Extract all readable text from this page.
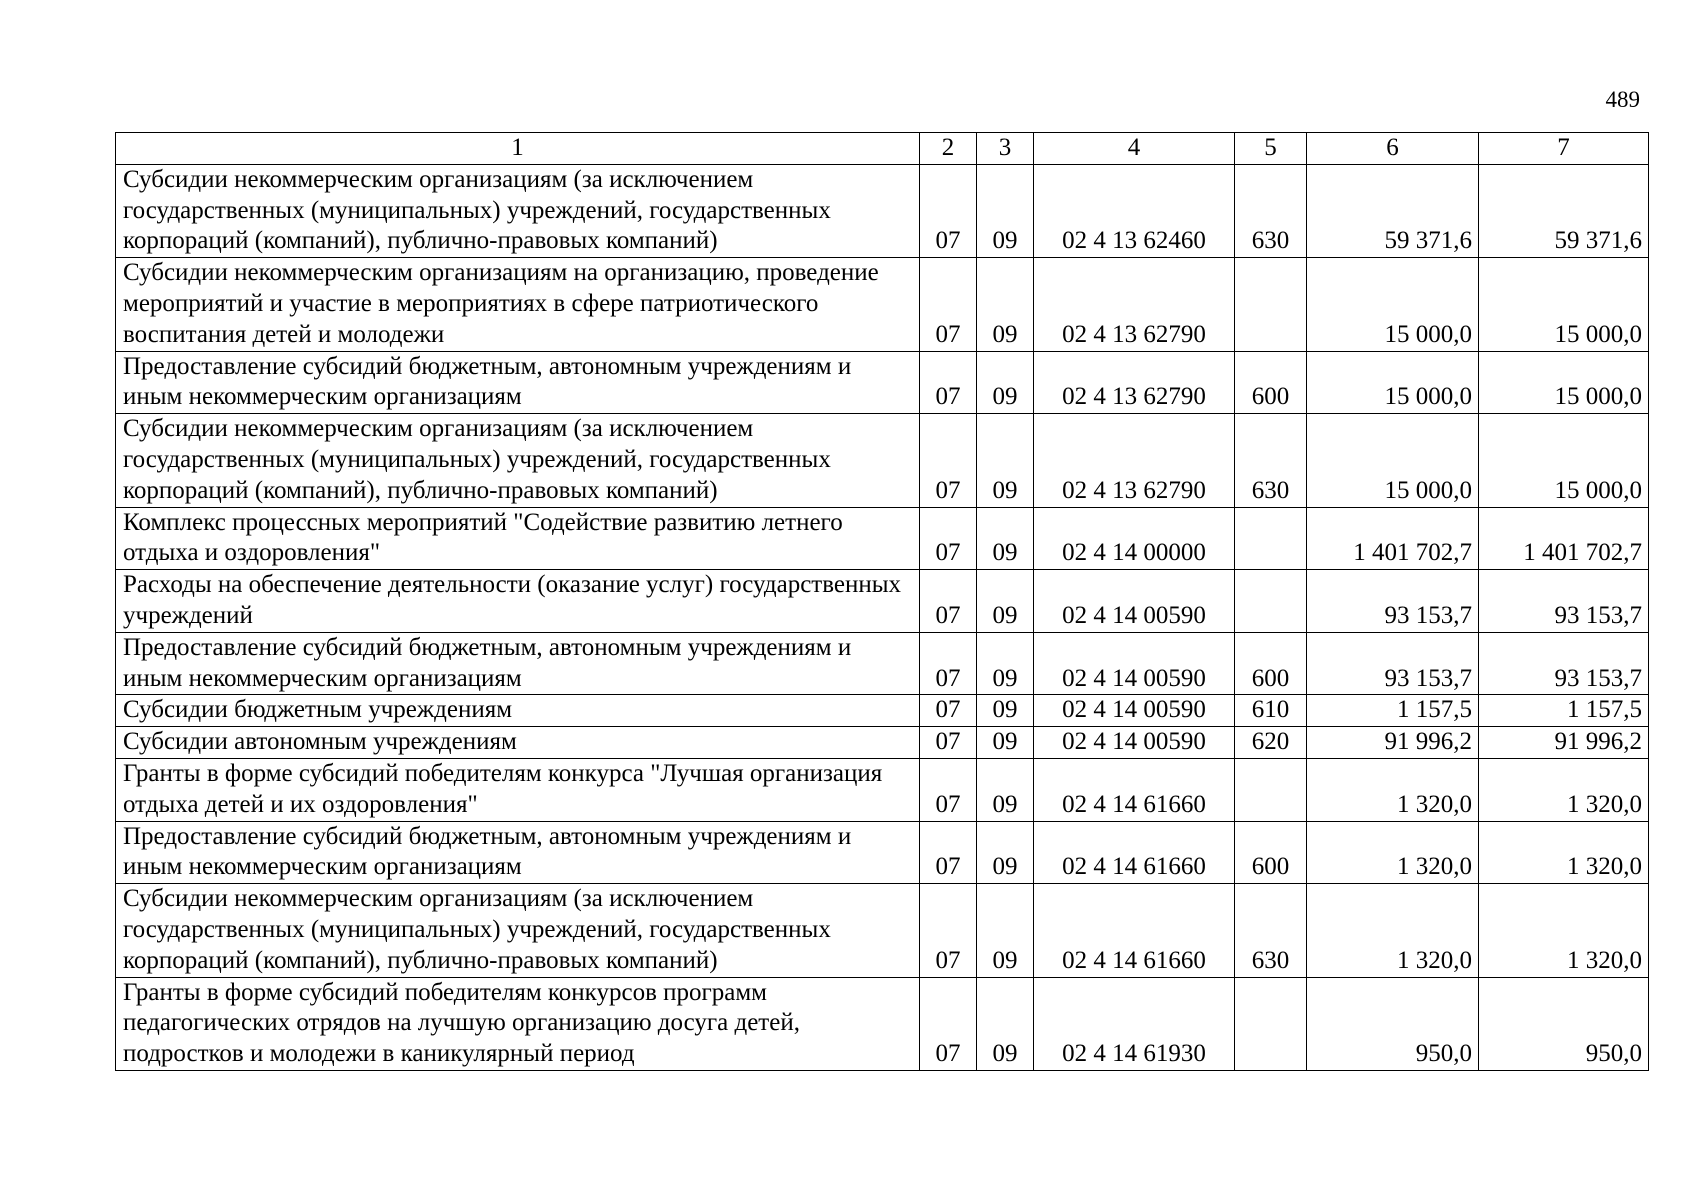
489
1	2	3	4	5	6	7
Субсидии некоммерческим организациям (за исключением государственных (муниципальных) учреждений, государственных корпораций (компаний), публично-правовых компаний)	07	09	02 4 13 62460	630	59 371,6	59 371,6
Субсидии некоммерческим организациям на организацию, проведение мероприятий и участие в мероприятиях в сфере патриотического воспитания детей и молодежи	07	09	02 4 13 62790		15 000,0	15 000,0
Предоставление субсидий бюджетным, автономным учреждениям и иным некоммерческим организациям	07	09	02 4 13 62790	600	15 000,0	15 000,0
Субсидии некоммерческим организациям (за исключением государственных (муниципальных) учреждений, государственных корпораций (компаний), публично-правовых компаний)	07	09	02 4 13 62790	630	15 000,0	15 000,0
Комплекс процессных мероприятий "Содействие развитию летнего отдыха и оздоровления"	07	09	02 4 14 00000		1 401 702,7	1 401 702,7
Расходы на обеспечение деятельности (оказание услуг) государственных учреждений	07	09	02 4 14 00590		93 153,7	93 153,7
Предоставление субсидий бюджетным, автономным учреждениям и иным некоммерческим организациям	07	09	02 4 14 00590	600	93 153,7	93 153,7
Субсидии бюджетным учреждениям	07	09	02 4 14 00590	610	1 157,5	1 157,5
Субсидии автономным учреждениям	07	09	02 4 14 00590	620	91 996,2	91 996,2
Гранты в форме субсидий победителям конкурса "Лучшая организация отдыха детей и их оздоровления"	07	09	02 4 14 61660		1 320,0	1 320,0
Предоставление субсидий бюджетным, автономным учреждениям и иным некоммерческим организациям	07	09	02 4 14 61660	600	1 320,0	1 320,0
Субсидии некоммерческим организациям (за исключением государственных (муниципальных) учреждений, государственных корпораций (компаний), публично-правовых компаний)	07	09	02 4 14 61660	630	1 320,0	1 320,0
Гранты в форме субсидий победителям конкурсов программ педагогических отрядов на лучшую организацию досуга детей, подростков и молодежи в каникулярный период	07	09	02 4 14 61930		950,0	950,0
